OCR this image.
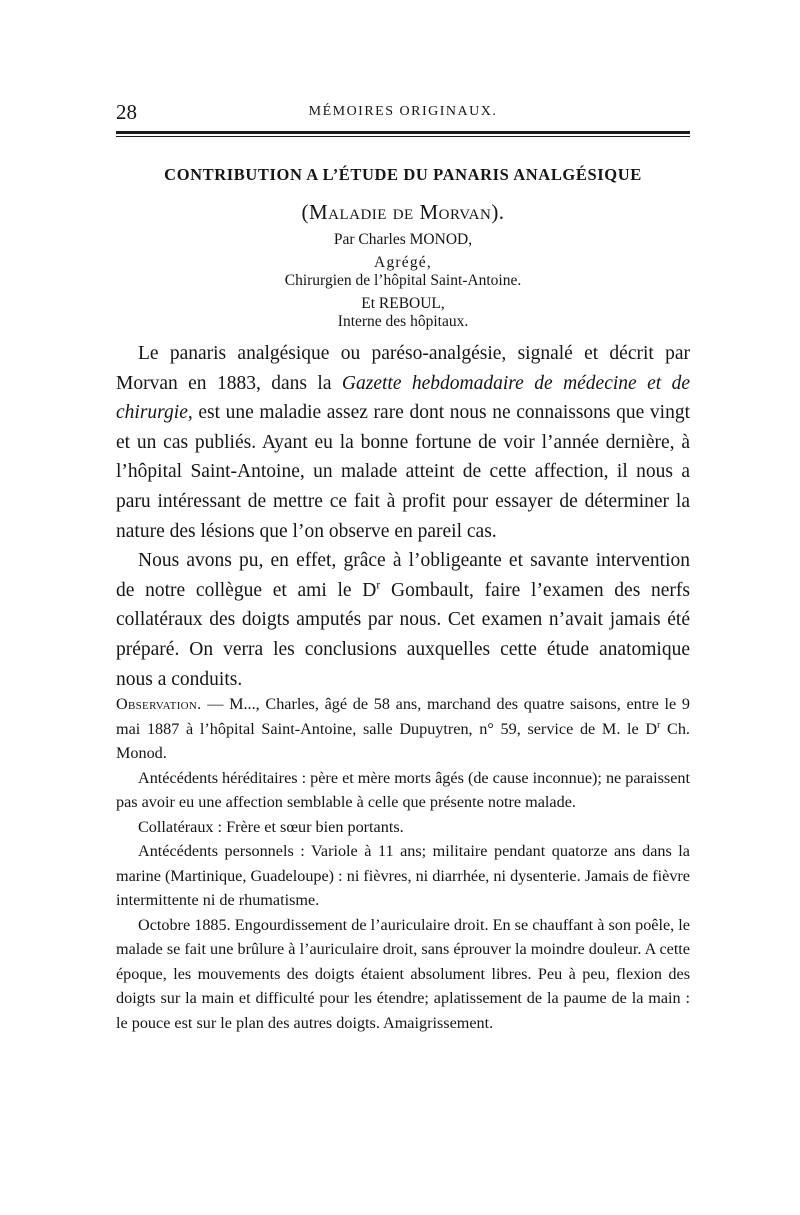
28	MÉMOIRES ORIGINAUX.
CONTRIBUTION A L’ÉTUDE DU PANARIS ANALGÉSIQUE
(Maladie de Morvan).
Par Charles MONOD,
Agrégé,
Chirurgien de l’hôpital Saint-Antoine.
Et REBOUL,
Interne des hôpitaux.

Le panaris analgésique ou paréso-analgésie, signalé et décrit par Morvan en 1883, dans la Gazette hebdomadaire de médecine et de chirurgie, est une maladie assez rare dont nous ne connaissons que vingt et un cas publiés. Ayant eu la bonne fortune de voir l’année dernière, à l’hôpital Saint-Antoine, un malade atteint de cette affection, il nous a paru intéressant de mettre ce fait à profit pour essayer de déterminer la nature des lésions que l’on observe en pareil cas.

Nous avons pu, en effet, grâce à l’obligeante et savante intervention de notre collègue et ami le $D^r$ Gombault, faire l’examen des nerfs collatéraux des doigts amputés par nous. Cet examen n’avait jamais été préparé. On verra les conclusions auxquelles cette étude anatomique nous a conduits.

Observation. — M..., Charles, âgé de 58 ans, marchand des quatre saisons, entre le 9 mai 1887 à l’hôpital Saint-Antoine, salle Dupuytren, n° 59, service de M. le $D^r$ Ch. Monod.

Antécédents héréditaires : père et mère morts âgés (de cause inconnue); ne paraissent pas avoir eu une affection semblable à celle que présente notre malade.

Collatéraux : Frère et sœur bien portants.

Antécédents personnels : Variole à 11 ans; militaire pendant quatorze ans dans la marine (Martinique, Guadeloupe) : ni fièvres, ni diarrhée, ni dysenterie. Jamais de fièvre intermittente ni de rhumatisme.

Octobre 1885. Engourdissement de l’auriculaire droit. En se chauffant à son poêle, le malade se fait une brûlure à l’auriculaire droit, sans éprouver la moindre douleur. A cette époque, les mouvements des doigts étaient absolument libres. Peu à peu, flexion des doigts sur la main et difficulté pour les étendre; aplatissement de la paume de la main : le pouce est sur le plan des autres doigts. Amaigrissement.
